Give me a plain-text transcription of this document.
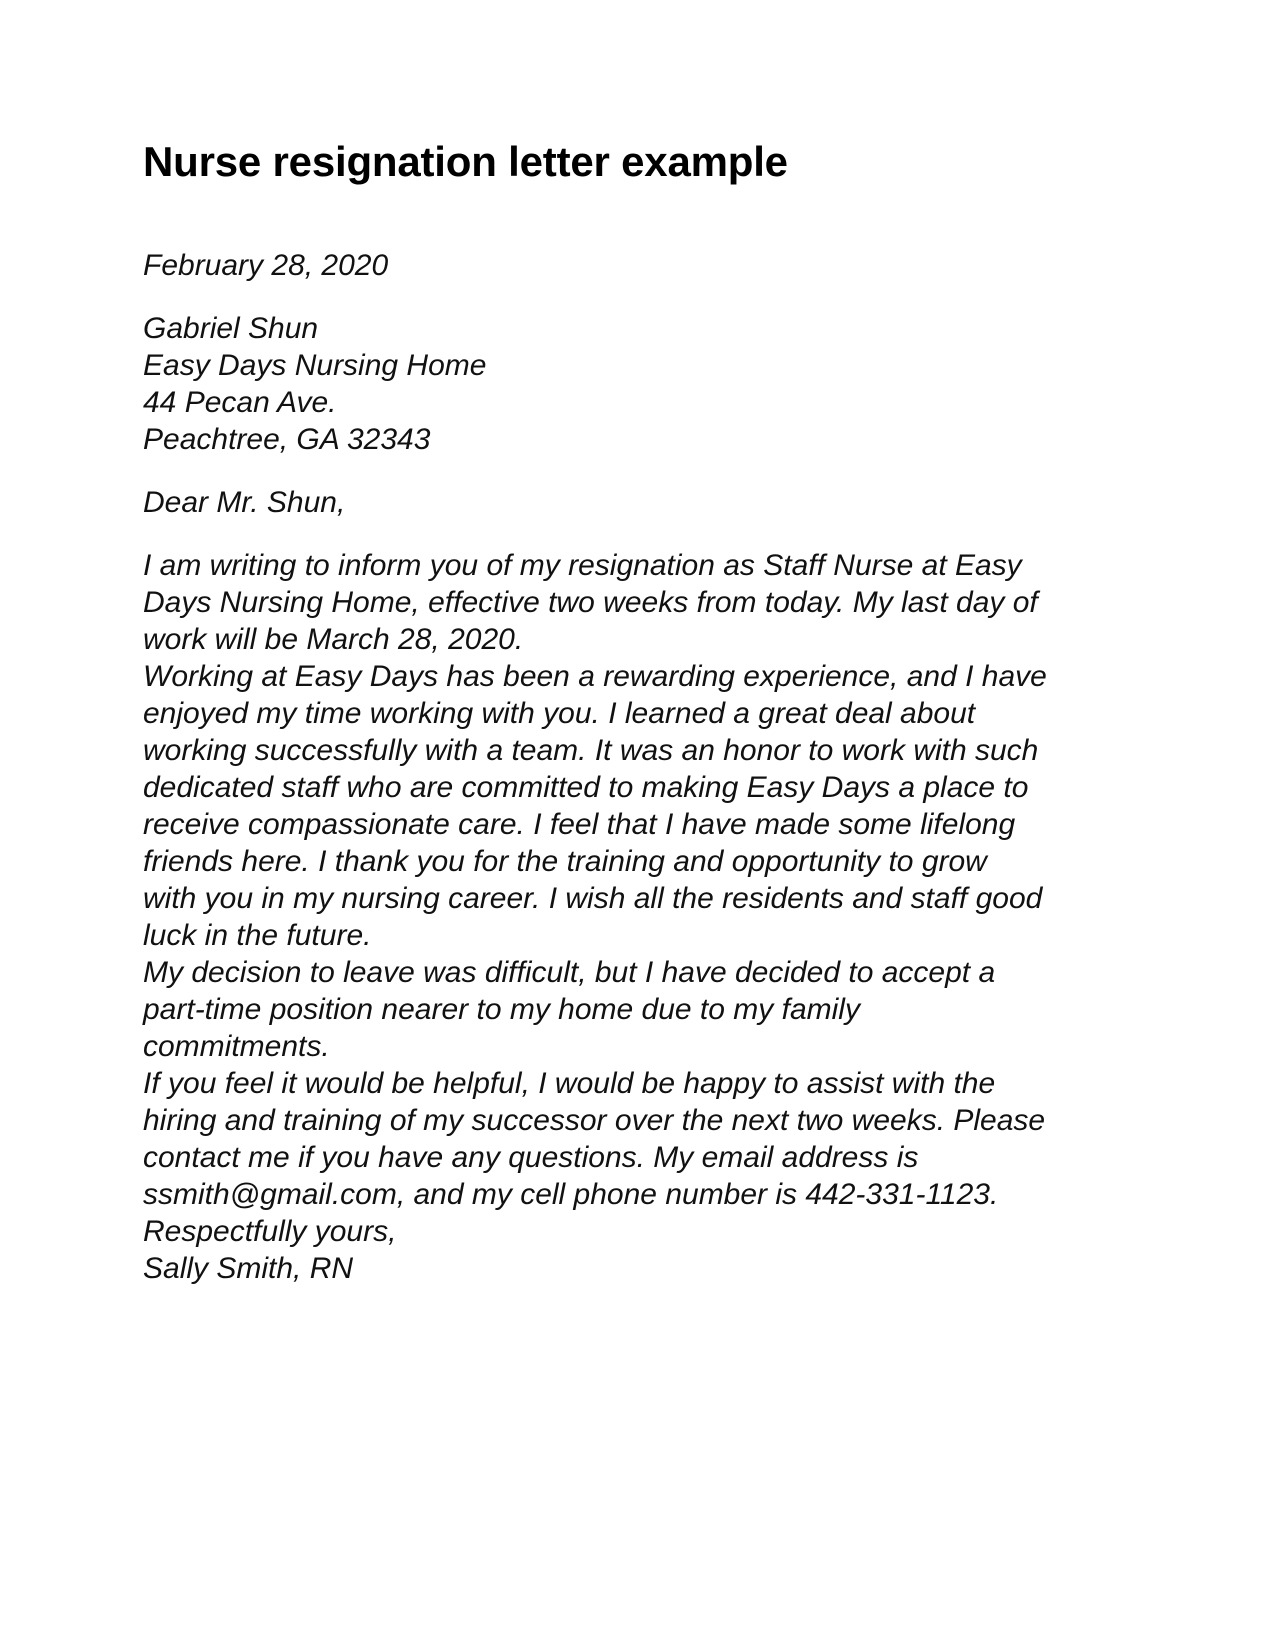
Nurse resignation letter example
February 28, 2020
Gabriel Shun
Easy Days Nursing Home
44 Pecan Ave.
Peachtree, GA 32343
Dear Mr. Shun,

I am writing to inform you of my resignation as Staff Nurse at Easy Days Nursing Home, effective two weeks from today. My last day of work will be March 28, 2020.

Working at Easy Days has been a rewarding experience, and I have enjoyed my time working with you. I learned a great deal about working successfully with a team. It was an honor to work with such dedicated staff who are committed to making Easy Days a place to receive compassionate care. I feel that I have made some lifelong friends here. I thank you for the training and opportunity to grow with you in my nursing career. I wish all the residents and staff good luck in the future.

My decision to leave was difficult, but I have decided to accept a part-time position nearer to my home due to my family commitments.

If you feel it would be helpful, I would be happy to assist with the hiring and training of my successor over the next two weeks. Please contact me if you have any questions. My email address is ssmith@gmail.com, and my cell phone number is 442-331-1123.

Respectfully yours,
Sally Smith, RN
